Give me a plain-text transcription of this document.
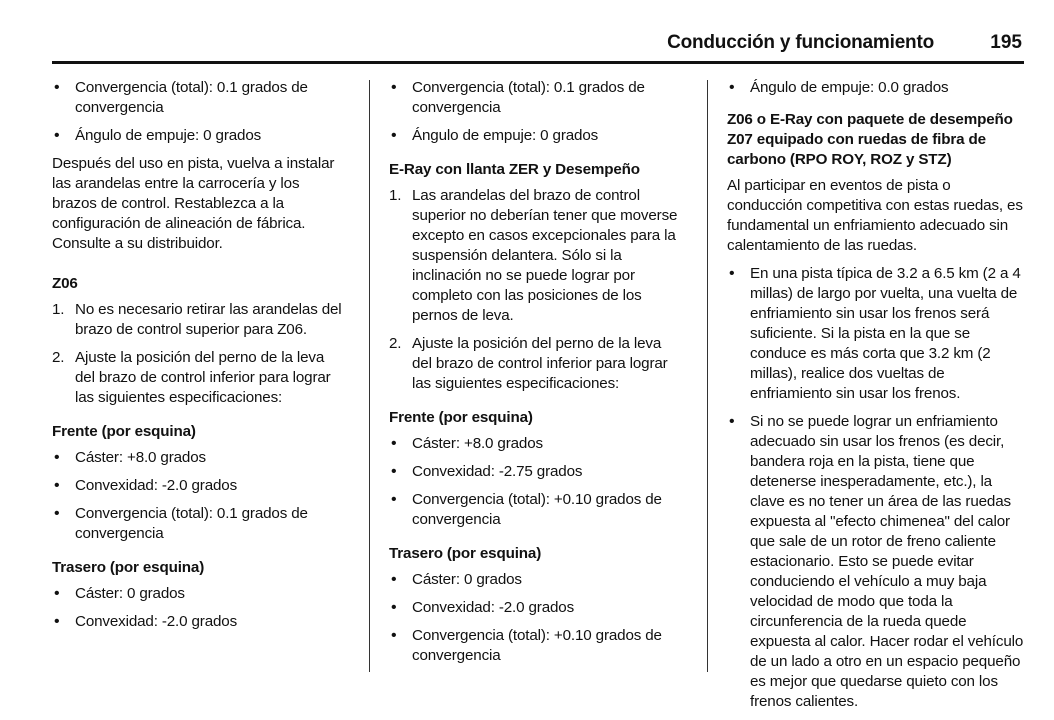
Conducción y funcionamiento	195
• Convergencia (total): 0.1 grados de convergencia
• Ángulo de empuje: 0 grados

Después del uso en pista, vuelva a instalar las arandelas entre la carrocería y los brazos de control. Restablezca a la configuración de alineación de fábrica. Consulte a su distribuidor.

Z06
1. No es necesario retirar las arandelas del brazo de control superior para Z06.
2. Ajuste la posición del perno de la leva del brazo de control inferior para lograr las siguientes especificaciones:
Frente (por esquina)
• Cáster: +8.0 grados
• Convexidad: -2.0 grados
• Convergencia (total): 0.1 grados de convergencia
Trasero (por esquina)
• Cáster: 0 grados
• Convexidad: -2.0 grados
• Convergencia (total): 0.1 grados de convergencia
• Ángulo de empuje: 0 grados
E-Ray con llanta ZER y Desempeño
1. Las arandelas del brazo de control superior no deberían tener que moverse excepto en casos excepcionales para la suspensión delantera. Sólo si la inclinación no se puede lograr por completo con las posiciones de los pernos de leva.
2. Ajuste la posición del perno de la leva del brazo de control inferior para lograr las siguientes especificaciones:
Frente (por esquina)
• Cáster: +8.0 grados
• Convexidad: -2.75 grados
• Convergencia (total): +0.10 grados de convergencia
Trasero (por esquina)
• Cáster: 0 grados
• Convexidad: -2.0 grados
• Convergencia (total): +0.10 grados de convergencia
• Ángulo de empuje: 0.0 grados
Z06 o E-Ray con paquete de desempeño Z07 equipado con ruedas de fibra de carbono (RPO ROY, ROZ y STZ)

Al participar en eventos de pista o conducción competitiva con estas ruedas, es fundamental un enfriamiento adecuado sin calentamiento de las ruedas.

• En una pista típica de 3.2 a 6.5 km (2 a 4 millas) de largo por vuelta, una vuelta de enfriamiento sin usar los frenos será suficiente. Si la pista en la que se conduce es más corta que 3.2 km (2 millas), realice dos vueltas de enfriamiento sin usar los frenos.
• Si no se puede lograr un enfriamiento adecuado sin usar los frenos (es decir, bandera roja en la pista, tiene que detenerse inesperadamente, etc.), la clave es no tener un área de las ruedas expuesta al "efecto chimenea" del calor que sale de un rotor de freno caliente estacionario. Esto se puede evitar conduciendo el vehículo a muy baja velocidad de modo que toda la circunferencia de la rueda quede expuesta al calor. Hacer rodar el vehículo de un lado a otro en un espacio pequeño es mejor que quedarse quieto con los frenos calientes.
